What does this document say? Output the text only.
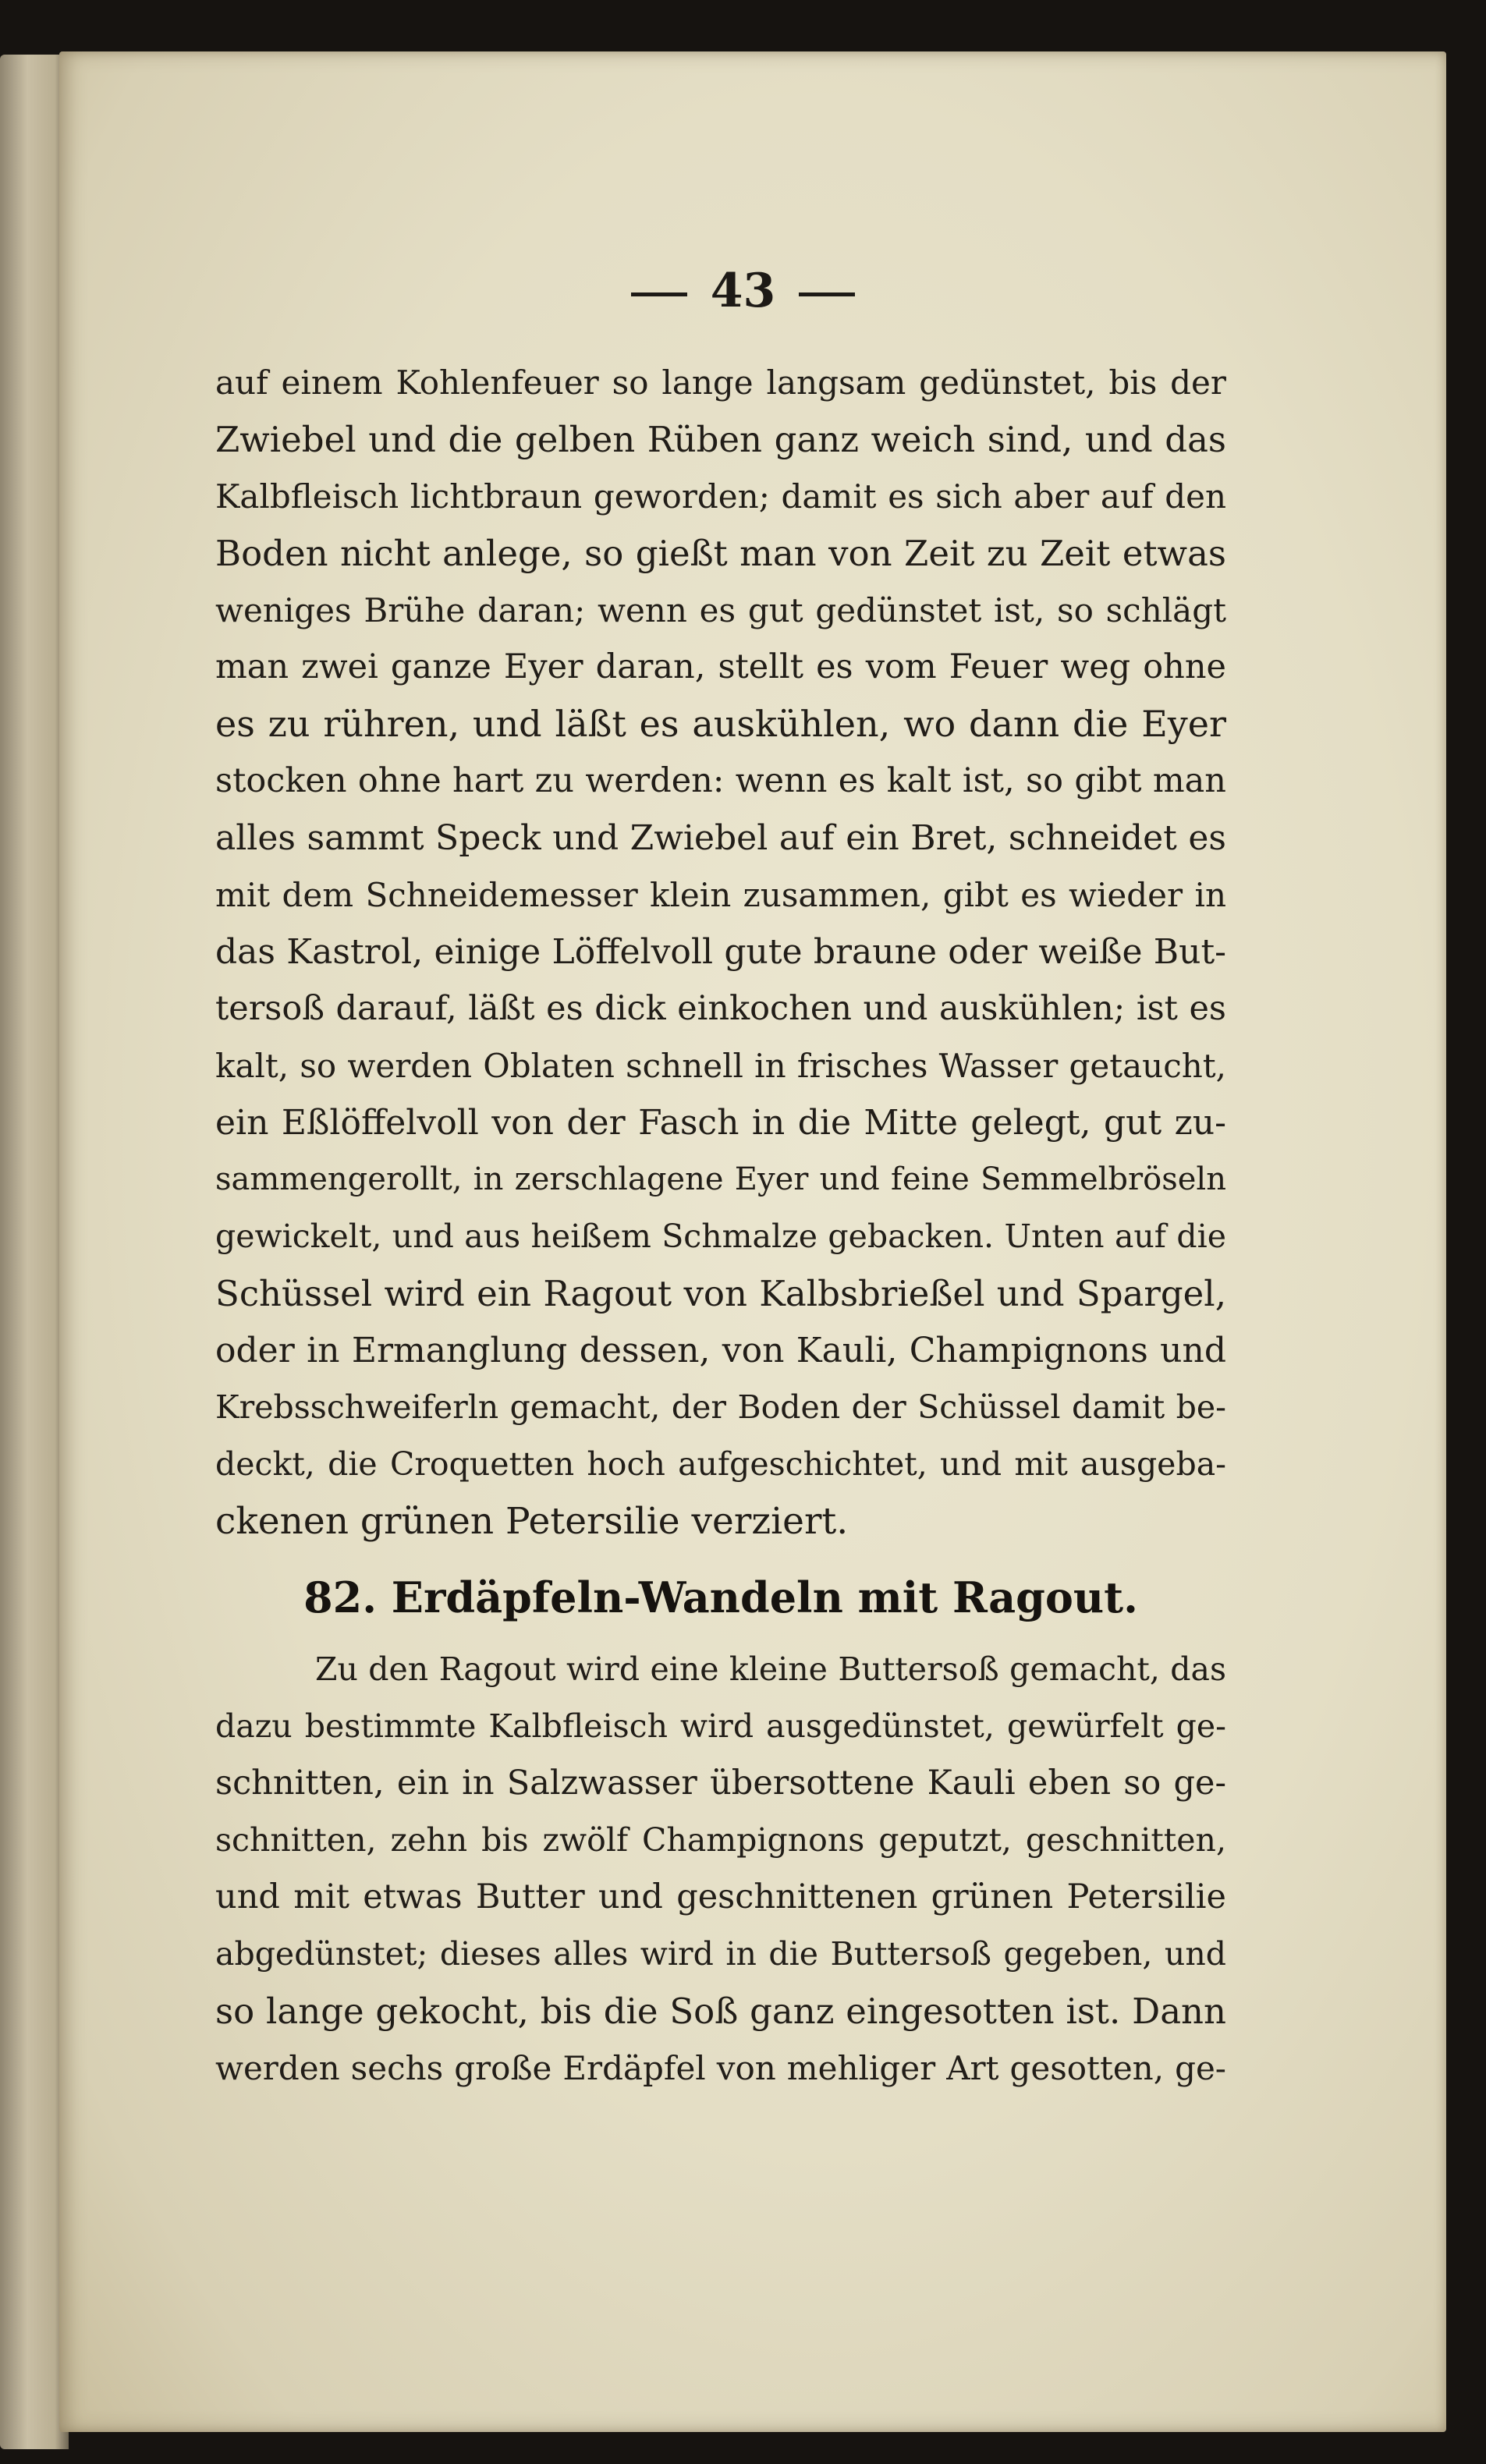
43
auf einem Kohlenfeuer so lange langsam gedünstet, bis der
Zwiebel und die gelben Rüben ganz weich sind, und das
Kalbfleisch lichtbraun geworden; damit es sich aber auf den
Boden nicht anlege, so gießt man von Zeit zu Zeit etwas
weniges Brühe daran; wenn es gut gedünstet ist, so schlägt
man zwei ganze Eyer daran, stellt es vom Feuer weg ohne
es zu rühren, und läßt es auskühlen, wo dann die Eyer
stocken ohne hart zu werden: wenn es kalt ist, so gibt man
alles sammt Speck und Zwiebel auf ein Bret, schneidet es
mit dem Schneidemesser klein zusammen, gibt es wieder in
das Kastrol, einige Löffelvoll gute braune oder weiße But-
tersoß darauf, läßt es dick einkochen und auskühlen; ist es
kalt, so werden Oblaten schnell in frisches Wasser getaucht,
ein Eßlöffelvoll von der Fasch in die Mitte gelegt, gut zu-
sammengerollt, in zerschlagene Eyer und feine Semmelbröseln
gewickelt, und aus heißem Schmalze gebacken. Unten auf die
Schüssel wird ein Ragout von Kalbsbrießel und Spargel,
oder in Ermanglung dessen, von Kauli, Champignons und
Krebsschweiferln gemacht, der Boden der Schüssel damit be-
deckt, die Croquetten hoch aufgeschichtet, und mit ausgeba-
ckenen grünen Petersilie verziert.
82. Erdäpfeln-Wandeln mit Ragout.
Zu den Ragout wird eine kleine Buttersoß gemacht, das
dazu bestimmte Kalbfleisch wird ausgedünstet, gewürfelt ge-
schnitten, ein in Salzwasser übersottene Kauli eben so ge-
schnitten, zehn bis zwölf Champignons geputzt, geschnitten,
und mit etwas Butter und geschnittenen grünen Petersilie
abgedünstet; dieses alles wird in die Buttersoß gegeben, und
so lange gekocht, bis die Soß ganz eingesotten ist. Dann
werden sechs große Erdäpfel von mehliger Art gesotten, ge-
